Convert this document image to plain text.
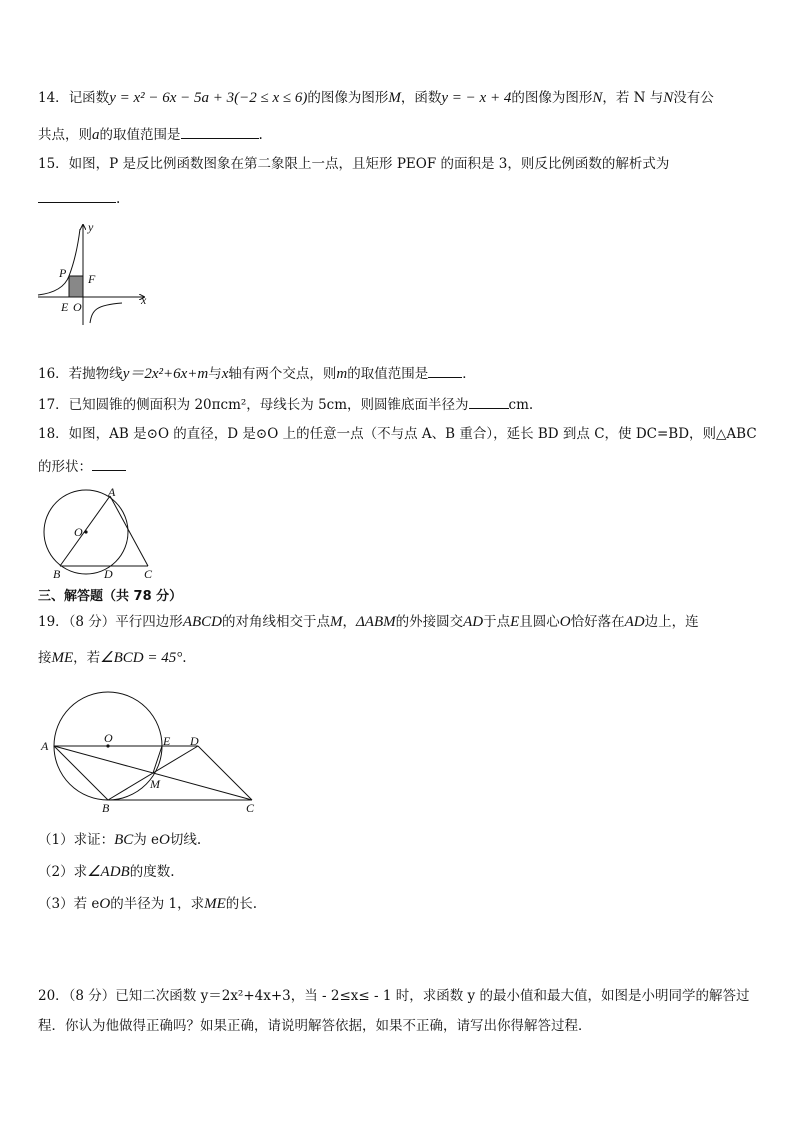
14．记函数y = x² − 6x − 5a + 3(−2 ≤ x ≤ 6)的图像为图形M，函数y = − x + 4的图像为图形N，若 N 与N没有公
共点，则a的取值范围是	.
15．如图，P 是反比例函数图象在第二象限上一点，且矩形 PEOF 的面积是 3，则反比例函数的解析式为
.
y
x
P F
E O
16．若抛物线y＝2x²+6x+m与x轴有两个交点，则m的取值范围是	．
17．已知圆锥的侧面积为 20πcm²，母线长为 5cm，则圆锥底面半径为	cm.
18．如图，AB 是⊙O 的直径，D 是⊙O 上的任意一点（不与点 A、B 重合），延长 BD 到点 C，使 DC=BD，则△ABC
的形状：
A
O
B	D	C
三、解答题（共 78 分）
19．（8 分）平行四边形ABCD的对角线相交于点M，ΔABM的外接圆交AD于点E且圆心O恰好落在AD边上，连
接ME，若∠BCD = 45°.
A
O	E D
M
B	C
（1）求证：BC为 eO切线.
（2）求∠ADB的度数.
（3）若 eO的半径为 1，求ME的长.
20．（8 分）已知二次函数 y＝2x²+4x+3，当 - 2≤x≤ - 1 时，求函数 y 的最小值和最大值，如图是小明同学的解答过
程．你认为他做得正确吗？如果正确，请说明解答依据，如果不正确，请写出你得解答过程．
